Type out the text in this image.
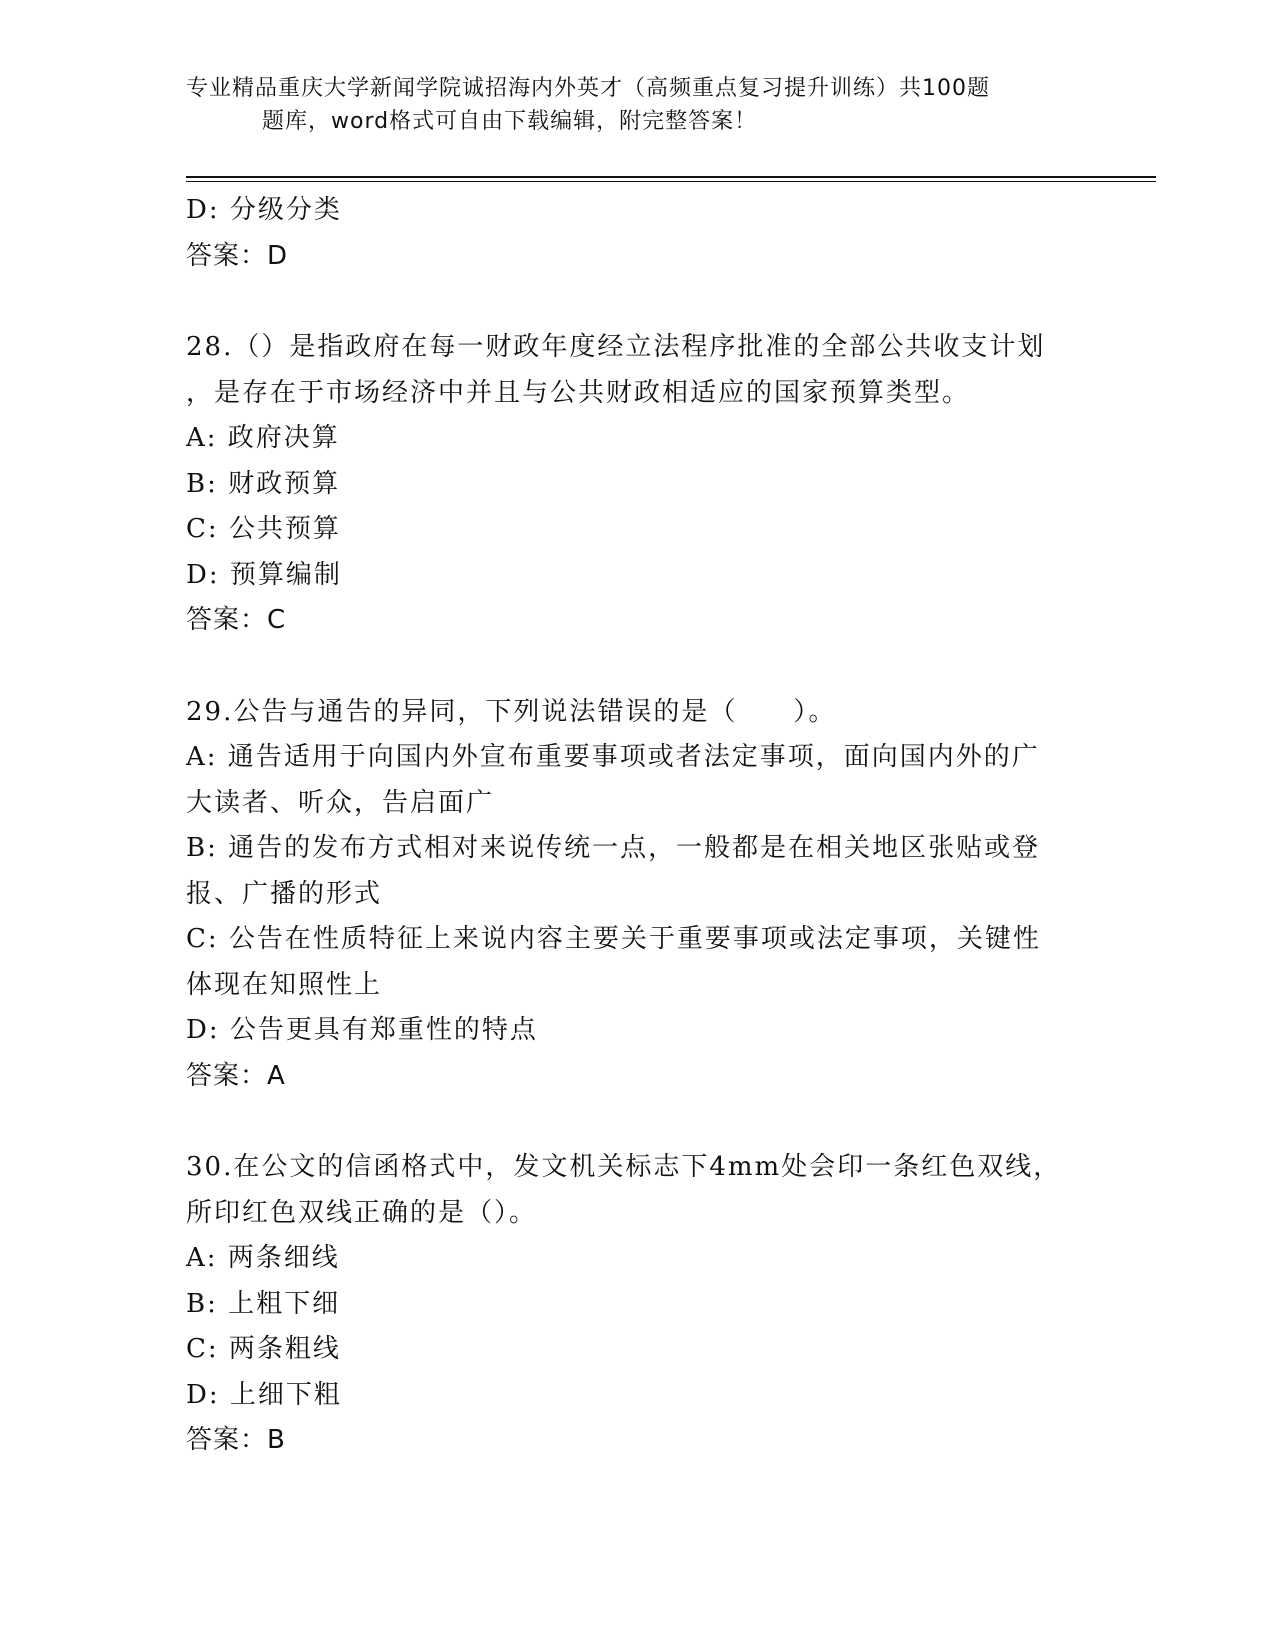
专业精品重庆大学新闻学院诚招海内外英才（高频重点复习提升训练）共100题
题库，word格式可自由下载编辑，附完整答案！
D: 分级分类
答案：D
28.（）是指政府在每一财政年度经立法程序批准的全部公共收支计划
，是存在于市场经济中并且与公共财政相适应的国家预算类型。
A: 政府决算
B: 财政预算
C: 公共预算
D: 预算编制
答案：C
29.公告与通告的异同，下列说法错误的是（　　）。
A: 通告适用于向国内外宣布重要事项或者法定事项，面向国内外的广
大读者、听众，告启面广
B: 通告的发布方式相对来说传统一点，一般都是在相关地区张贴或登
报、广播的形式
C: 公告在性质特征上来说内容主要关于重要事项或法定事项，关键性
体现在知照性上
D: 公告更具有郑重性的特点
答案：A
30.在公文的信函格式中，发文机关标志下4mm处会印一条红色双线，
所印红色双线正确的是（）。
A: 两条细线
B: 上粗下细
C: 两条粗线
D: 上细下粗
答案：B
